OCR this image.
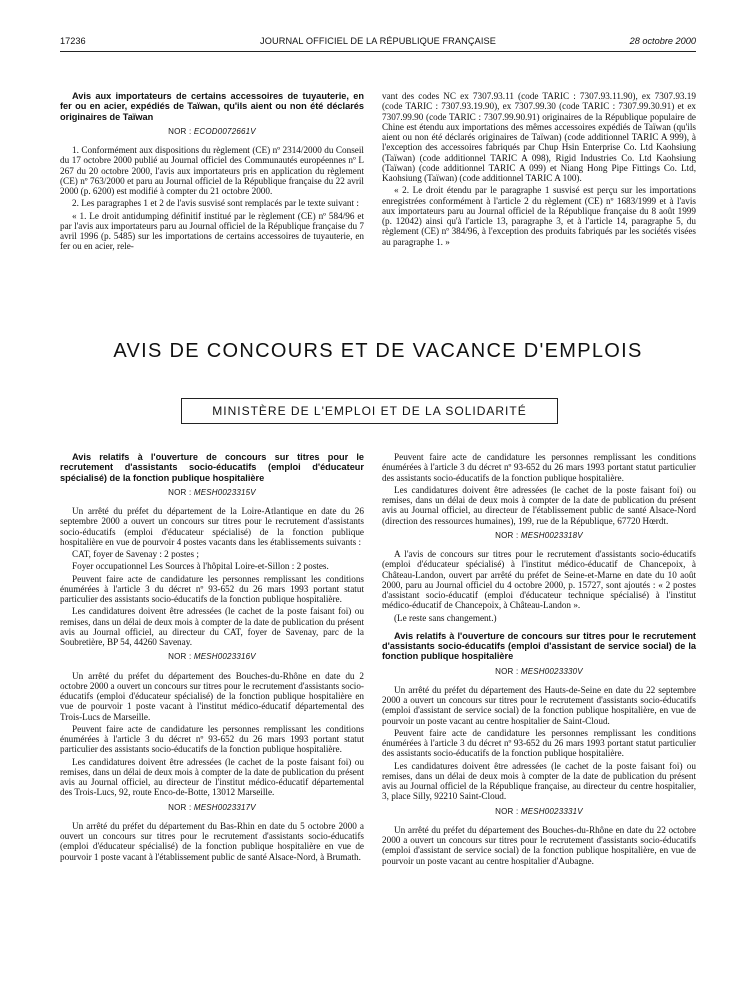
17236	JOURNAL OFFICIEL DE LA RÉPUBLIQUE FRANÇAISE	28 octobre 2000

Avis aux importateurs de certains accessoires de tuyauterie, en fer ou en acier, expédiés de Taïwan, qu'ils aient ou non été déclarés originaires de Taïwan

NOR : ECOD0072661V

1. Conformément aux dispositions du règlement (CE) nº 2314/2000 du Conseil du 17 octobre 2000 publié au Journal officiel des Communautés européennes nº L 267 du 20 octobre 2000, l'avis aux importateurs pris en application du règlement (CE) nº 763/2000 et paru au Journal officiel de la République française du 22 avril 2000 (p. 6200) est modifié à compter du 21 octobre 2000.

2. Les paragraphes 1 et 2 de l'avis susvisé sont remplacés par le texte suivant :

« 1. Le droit antidumping définitif institué par le règlement (CE) nº 584/96 et par l'avis aux importateurs paru au Journal officiel de la République française du 7 avril 1996 (p. 5485) sur les importations de certains accessoires de tuyauterie, en fer ou en acier, rele-

vant des codes NC ex 7307.93.11 (code TARIC : 7307.93.11.90), ex 7307.93.19 (code TARIC : 7307.93.19.90), ex 7307.99.30 (code TARIC : 7307.99.30.91) et ex 7307.99.90 (code TARIC : 7307.99.90.91) originaires de la République populaire de Chine est étendu aux importations des mêmes accessoires expédiés de Taïwan (qu'ils aient ou non été déclarés originaires de Taïwan) (code additionnel TARIC A 999), à l'exception des accessoires fabriqués par Chup Hsin Enterprise Co. Ltd Kaohsiung (Taïwan) (code additionnel TARIC A 098), Rigid Industries Co. Ltd Kaohsiung (Taïwan) (code additionnel TARIC A 099) et Niang Hong Pipe Fittings Co. Ltd, Kaohsiung (Taïwan) (code additionnel TARIC A 100).

« 2. Le droit étendu par le paragraphe 1 susvisé est perçu sur les importations enregistrées conformément à l'article 2 du règlement (CE) nº 1683/1999 et à l'avis aux importateurs paru au Journal officiel de la République française du 8 août 1999 (p. 12042) ainsi qu'à l'article 13, paragraphe 3, et à l'article 14, paragraphe 5, du règlement (CE) nº 384/96, à l'exception des produits fabriqués par les sociétés visées au paragraphe 1. »

AVIS DE CONCOURS ET DE VACANCE D'EMPLOIS
MINISTÈRE DE L'EMPLOI ET DE LA SOLIDARITÉ

Avis relatifs à l'ouverture de concours sur titres pour le recrutement d'assistants socio-éducatifs (emploi d'éducateur spécialisé) de la fonction publique hospitalière

NOR : MESH0023315V

Un arrêté du préfet du département de la Loire-Atlantique en date du 26 septembre 2000 a ouvert un concours sur titres pour le recrutement d'assistants socio-éducatifs (emploi d'éducateur spécialisé) de la fonction publique hospitalière en vue de pourvoir 4 postes vacants dans les établissements suivants :

CAT, foyer de Savenay : 2 postes ;

Foyer occupationnel Les Sources à l'hôpital Loire-et-Sillon : 2 postes.

Peuvent faire acte de candidature les personnes remplissant les conditions énumérées à l'article 3 du décret nº 93-652 du 26 mars 1993 portant statut particulier des assistants socio-éducatifs de la fonction publique hospitalière.

Les candidatures doivent être adressées (le cachet de la poste faisant foi) ou remises, dans un délai de deux mois à compter de la date de publication du présent avis au Journal officiel, au directeur du CAT, foyer de Savenay, parc de la Soubretière, BP 54, 44260 Savenay.

NOR : MESH0023316V

Un arrêté du préfet du département des Bouches-du-Rhône en date du 2 octobre 2000 a ouvert un concours sur titres pour le recrutement d'assistants socio-éducatifs (emploi d'éducateur spécialisé) de la fonction publique hospitalière en vue de pourvoir 1 poste vacant à l'institut médico-éducatif départemental des Trois-Lucs de Marseille.

Peuvent faire acte de candidature les personnes remplissant les conditions énumérées à l'article 3 du décret nº 93-652 du 26 mars 1993 portant statut particulier des assistants socio-éducatifs de la fonction publique hospitalière.

Les candidatures doivent être adressées (le cachet de la poste faisant foi) ou remises, dans un délai de deux mois à compter de la date de publication du présent avis au Journal officiel, au directeur de l'institut médico-éducatif départemental des Trois-Lucs, 92, route Enco-de-Botte, 13012 Marseille.

NOR : MESH0023317V

Un arrêté du préfet du département du Bas-Rhin en date du 5 octobre 2000 a ouvert un concours sur titres pour le recrutement d'assistants socio-éducatifs (emploi d'éducateur spécialisé) de la fonction publique hospitalière en vue de pourvoir 1 poste vacant à l'établissement public de santé Alsace-Nord, à Brumath.

Peuvent faire acte de candidature les personnes remplissant les conditions énumérées à l'article 3 du décret nº 93-652 du 26 mars 1993 portant statut particulier des assistants socio-éducatifs de la fonction publique hospitalière.

Les candidatures doivent être adressées (le cachet de la poste faisant foi) ou remises, dans un délai de deux mois à compter de la date de publication du présent avis au Journal officiel, au directeur de l'établissement public de santé Alsace-Nord (direction des ressources humaines), 199, rue de la République, 67720 Hœrdt.

NOR : MESH0023318V

A l'avis de concours sur titres pour le recrutement d'assistants socio-éducatifs (emploi d'éducateur spécialisé) à l'institut médico-éducatif de Chancepoix, à Château-Landon, ouvert par arrêté du préfet de Seine-et-Marne en date du 10 août 2000, paru au Journal officiel du 4 octobre 2000, p. 15727, sont ajoutés : « 2 postes d'assistant socio-éducatif (emploi d'éducateur technique spécialisé) à l'institut médico-éducatif de Chancepoix, à Château-Landon ».

(Le reste sans changement.)

Avis relatifs à l'ouverture de concours sur titres pour le recrutement d'assistants socio-éducatifs (emploi d'assistant de service social) de la fonction publique hospitalière

NOR : MESH0023330V

Un arrêté du préfet du département des Hauts-de-Seine en date du 22 septembre 2000 a ouvert un concours sur titres pour le recrutement d'assistants socio-éducatifs (emploi d'assistant de service social) de la fonction publique hospitalière, en vue de pourvoir un poste vacant au centre hospitalier de Saint-Cloud.

Peuvent faire acte de candidature les personnes remplissant les conditions énumérées à l'article 3 du décret nº 93-652 du 26 mars 1993 portant statut particulier des assistants socio-éducatifs de la fonction publique hospitalière.

Les candidatures doivent être adressées (le cachet de la poste faisant foi) ou remises, dans un délai de deux mois à compter de la date de publication du présent avis au Journal officiel de la République française, au directeur du centre hospitalier, 3, place Silly, 92210 Saint-Cloud.

NOR : MESH0023331V

Un arrêté du préfet du département des Bouches-du-Rhône en date du 22 octobre 2000 a ouvert un concours sur titres pour le recrutement d'assistants socio-éducatifs (emploi d'assistant de service social) de la fonction publique hospitalière, en vue de pourvoir un poste vacant au centre hospitalier d'Aubagne.
